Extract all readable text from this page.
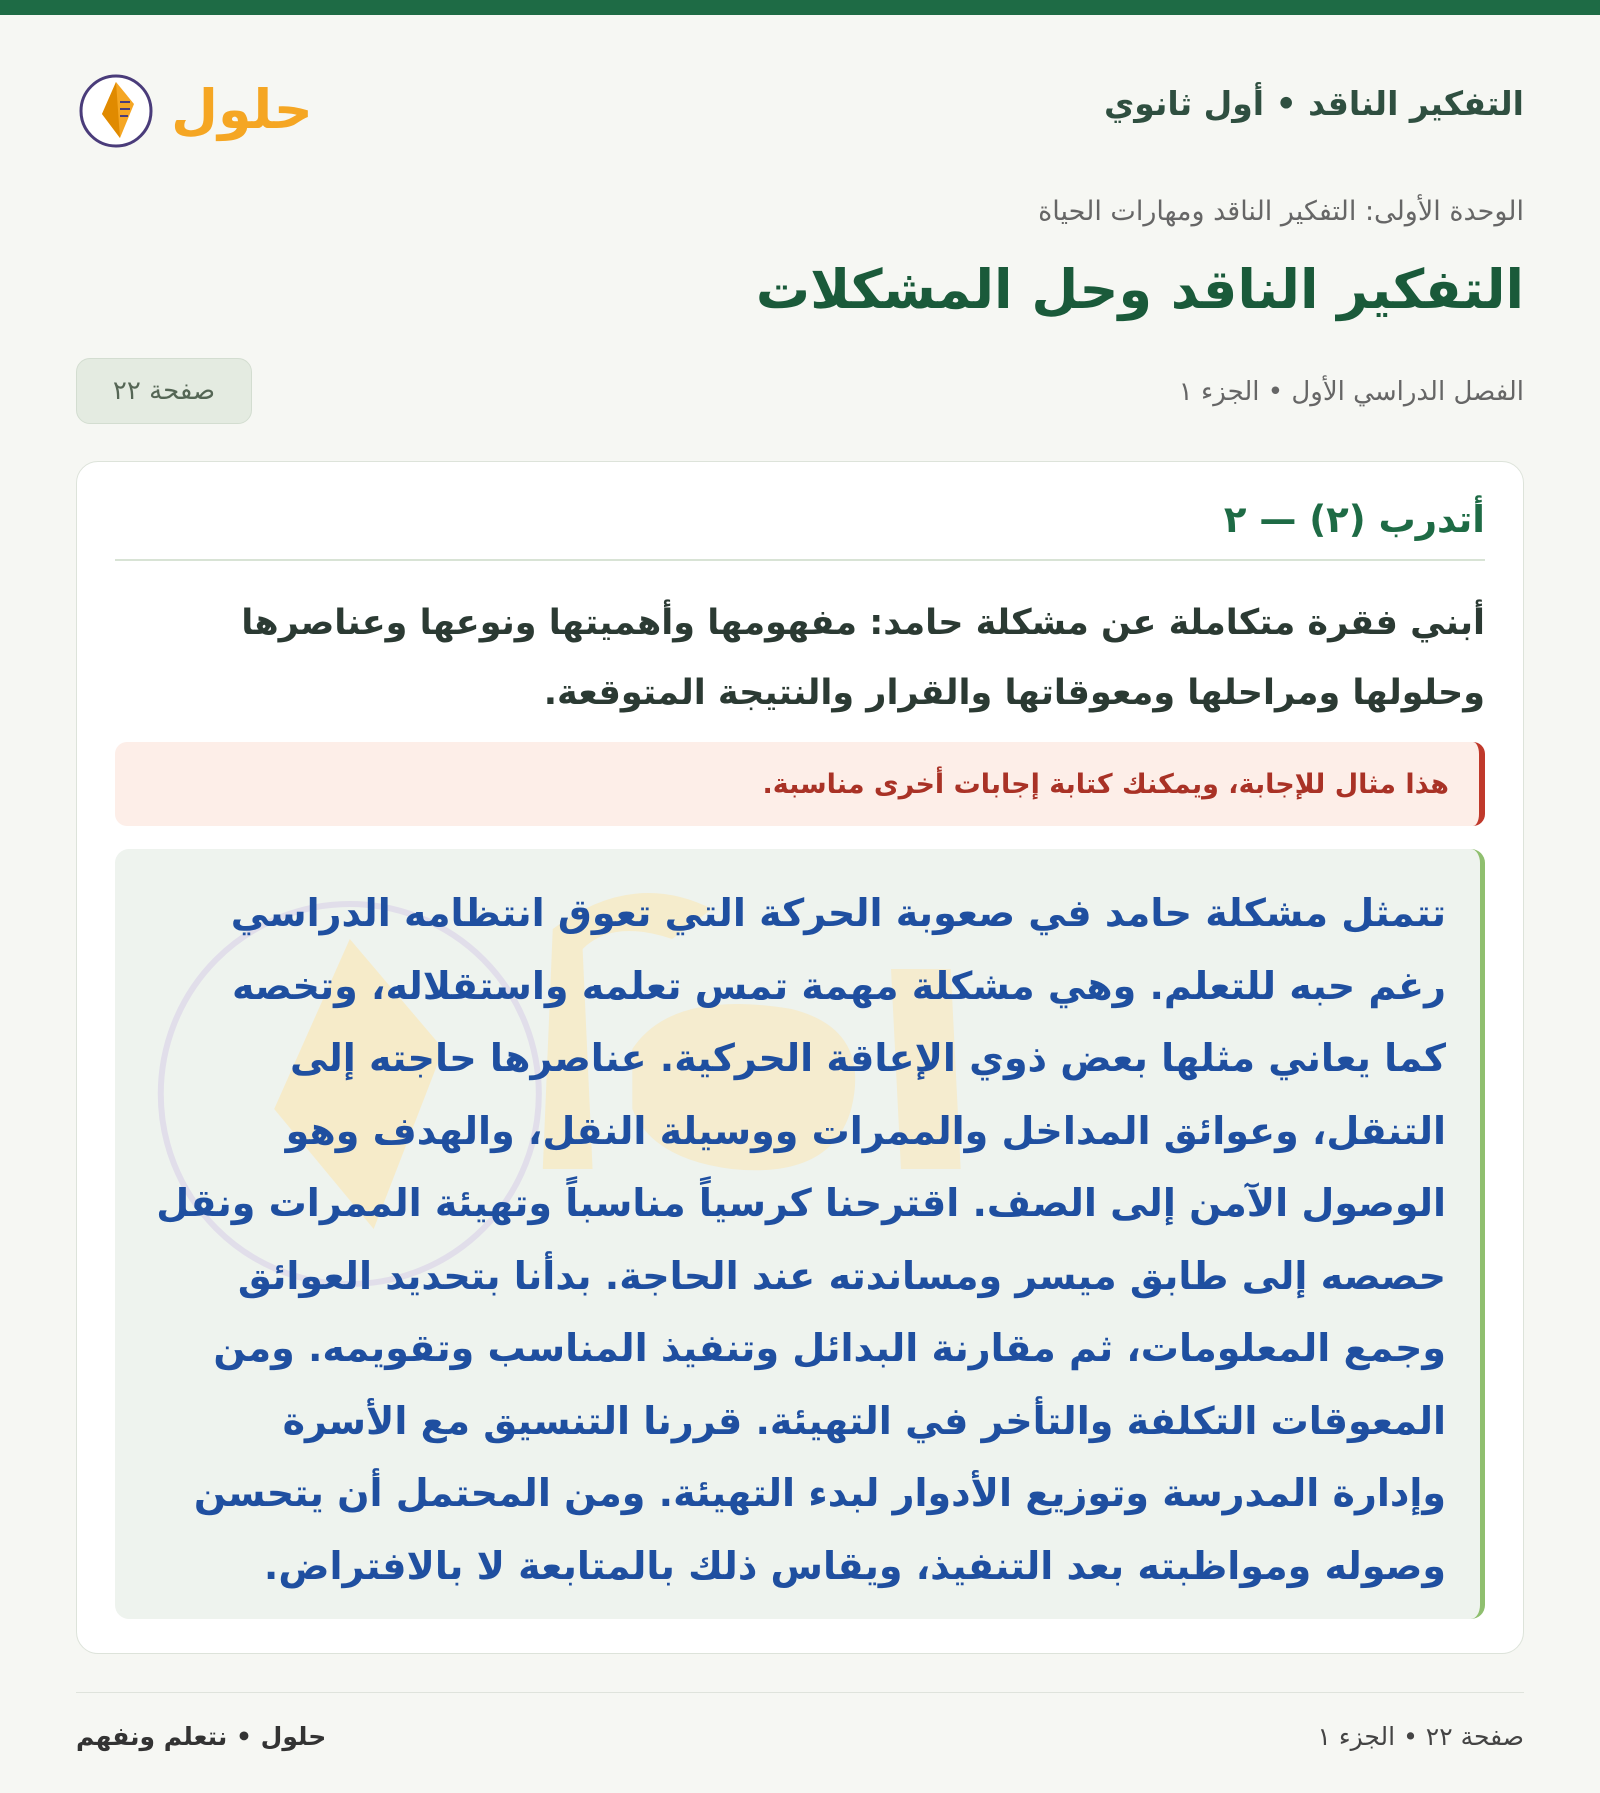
التفكير الناقد • أول ثانوي
حلول
الوحدة الأولى: التفكير الناقد ومهارات الحياة
التفكير الناقد وحل المشكلات
الفصل الدراسي الأول • الجزء ١
صفحة ٢٢
أتدرب (٢) — ٢
أبني فقرة متكاملة عن مشكلة حامد: مفهومها وأهميتها ونوعها وعناصرها وحلولها ومراحلها ومعوقاتها والقرار والنتيجة المتوقعة.
هذا مثال للإجابة، ويمكنك كتابة إجابات أخرى مناسبة.
تتمثل مشكلة حامد في صعوبة الحركة التي تعوق انتظامه الدراسي
رغم حبه للتعلم. وهي مشكلة مهمة تمس تعلمه واستقلاله، وتخصه
كما يعاني مثلها بعض ذوي الإعاقة الحركية. عناصرها حاجته إلى
التنقل، وعوائق المداخل والممرات ووسيلة النقل، والهدف وهو
الوصول الآمن إلى الصف. اقترحنا كرسياً مناسباً وتهيئة الممرات ونقل
حصصه إلى طابق ميسر ومساندته عند الحاجة. بدأنا بتحديد العوائق
وجمع المعلومات، ثم مقارنة البدائل وتنفيذ المناسب وتقويمه. ومن
المعوقات التكلفة والتأخر في التهيئة. قررنا التنسيق مع الأسرة
وإدارة المدرسة وتوزيع الأدوار لبدء التهيئة. ومن المحتمل أن يتحسن
وصوله ومواظبته بعد التنفيذ، ويقاس ذلك بالمتابعة لا بالافتراض.
صفحة ٢٢ • الجزء ١
حلول • نتعلم ونفهم
